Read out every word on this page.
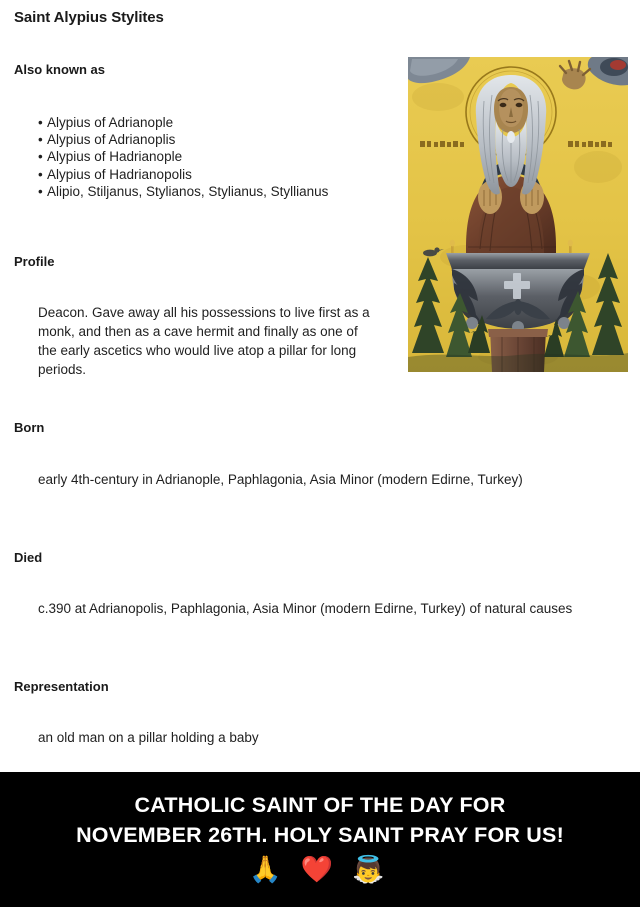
Saint Alypius Stylites
Also known as
• Alypius of Adrianople
• Alypius of Adrianoplis
• Alypius of Hadrianople
• Alypius of Hadrianopolis
• Alipio, Stiljanus, Stylianos, Stylianus, Styllianus
Profile
Deacon. Gave away all his possessions to live first as a monk, and then as a cave hermit and finally as one of the early ascetics who would live atop a pillar for long periods.
Born
early 4th-century in Adrianople, Paphlagonia, Asia Minor (modern Edirne, Turkey)
Died
c.390 at Adrianopolis, Paphlagonia, Asia Minor (modern Edirne, Turkey) of natural causes
Representation
an old man on a pillar holding a baby
CATHOLIC SAINT OF THE DAY FOR
NOVEMBER 26TH. HOLY SAINT PRAY FOR US!
🙏 ❤️ 👼
